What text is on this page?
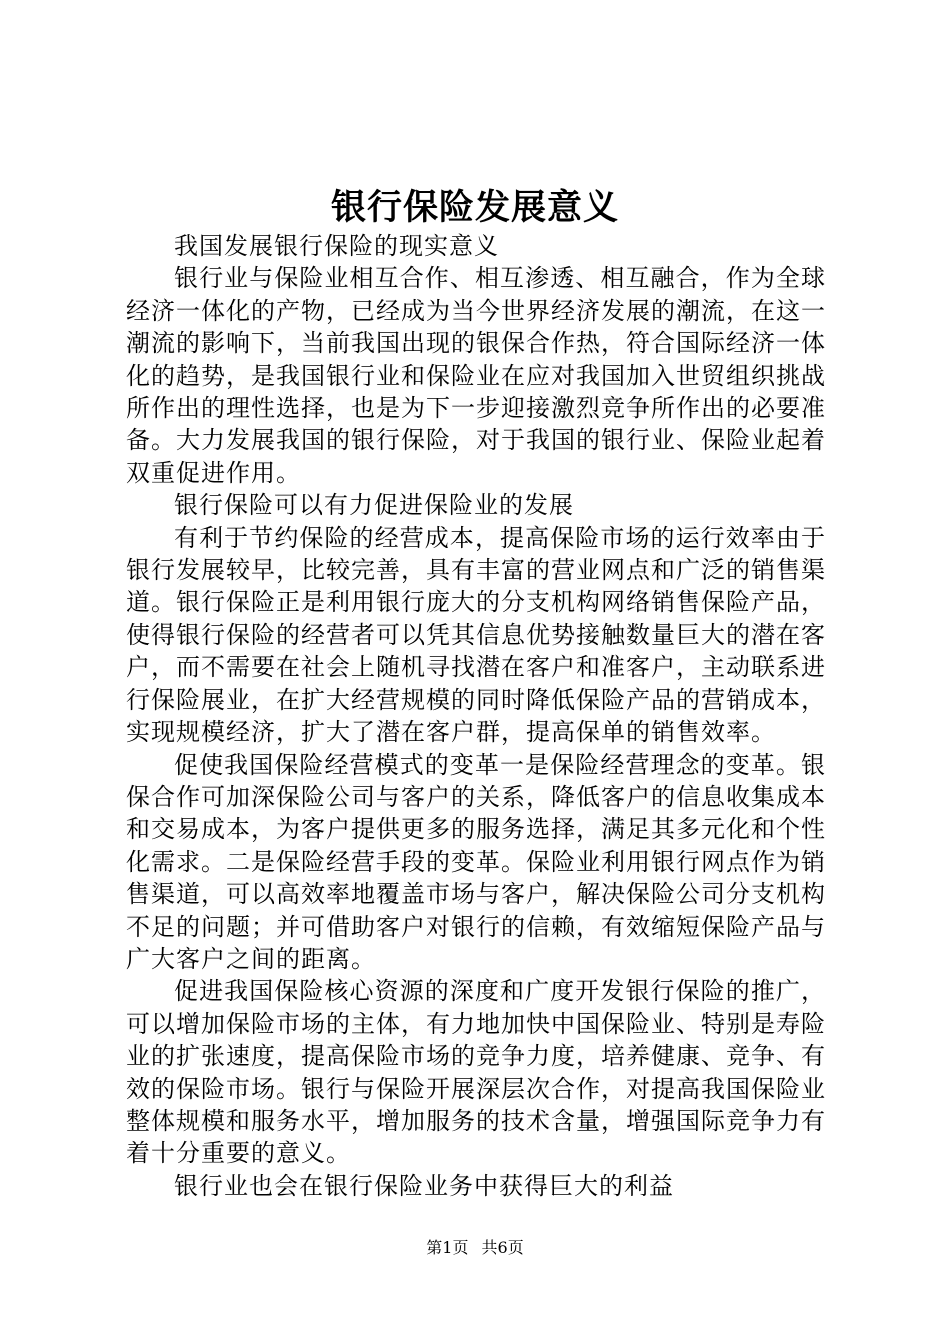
银行保险发展意义

我国发展银行保险的现实意义

银行业与保险业相互合作、相互渗透、相互融合，作为全球经济一体化的产物，已经成为当今世界经济发展的潮流，在这一潮流的影响下，当前我国出现的银保合作热，符合国际经济一体化的趋势，是我国银行业和保险业在应对我国加入世贸组织挑战所作出的理性选择，也是为下一步迎接激烈竞争所作出的必要准备。大力发展我国的银行保险，对于我国的银行业、保险业起着双重促进作用。

银行保险可以有力促进保险业的发展

有利于节约保险的经营成本，提高保险市场的运行效率由于银行发展较早，比较完善，具有丰富的营业网点和广泛的销售渠道。银行保险正是利用银行庞大的分支机构网络销售保险产品，使得银行保险的经营者可以凭其信息优势接触数量巨大的潜在客户，而不需要在社会上随机寻找潜在客户和准客户，主动联系进行保险展业，在扩大经营规模的同时降低保险产品的营销成本，实现规模经济，扩大了潜在客户群，提高保单的销售效率。

促使我国保险经营模式的变革一是保险经营理念的变革。银保合作可加深保险公司与客户的关系，降低客户的信息收集成本和交易成本，为客户提供更多的服务选择，满足其多元化和个性化需求。二是保险经营手段的变革。保险业利用银行网点作为销售渠道，可以高效率地覆盖市场与客户，解决保险公司分支机构不足的问题；并可借助客户对银行的信赖，有效缩短保险产品与广大客户之间的距离。

促进我国保险核心资源的深度和广度开发银行保险的推广，可以增加保险市场的主体，有力地加快中国保险业、特别是寿险业的扩张速度，提高保险市场的竞争力度，培养健康、竞争、有效的保险市场。银行与保险开展深层次合作，对提高我国保险业整体规模和服务水平，增加服务的技术含量，增强国际竞争力有着十分重要的意义。

银行业也会在银行保险业务中获得巨大的利益

第1页 共6页
